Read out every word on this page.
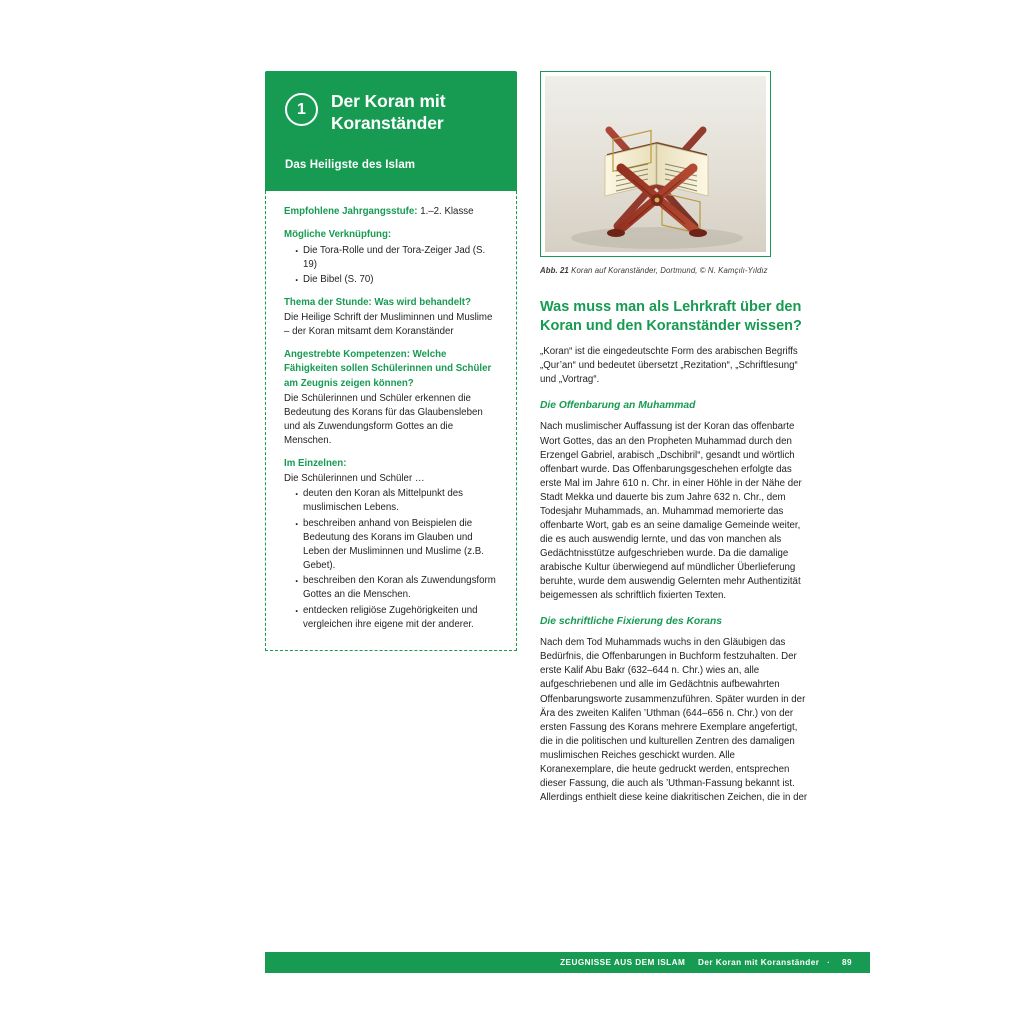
1	Der Koran mit Koranständer
Das Heiligste des Islam
Empfohlene Jahrgangsstufe: 1.–2. Klasse
Mögliche Verknüpfung:
· Die Tora-Rolle und der Tora-Zeiger Jad (S. 19)
· Die Bibel (S. 70)
Thema der Stunde: Was wird behandelt?
Die Heilige Schrift der Musliminnen und Muslime – der Koran mitsamt dem Koranständer
Angestrebte Kompetenzen: Welche Fähigkeiten sollen Schülerinnen und Schüler am Zeugnis zeigen können?
Die Schülerinnen und Schüler erkennen die Bedeutung des Korans für das Glaubensleben und als Zuwendungsform Gottes an die Menschen.
Im Einzelnen:
Die Schülerinnen und Schüler …
· deuten den Koran als Mittelpunkt des muslimischen Lebens.
· beschreiben anhand von Beispielen die Bedeutung des Korans im Glauben und Leben der Musliminnen und Muslime (z.B. Gebet).
· beschreiben den Koran als Zuwendungsform Gottes an die Menschen.
· entdecken religiöse Zugehörigkeiten und vergleichen ihre eigene mit der anderer.
Abb. 21 Koran auf Koranständer, Dortmund, © N. Kamçılı-Yıldız
Was muss man als Lehrkraft über den Koran und den Koranständer wissen?
„Koran“ ist die eingedeutschte Form des arabischen Begriffs „Qur’an“ und bedeutet übersetzt „Rezitation“, „Schriftlesung“ und „Vortrag“.
Die Offenbarung an Muhammad
Nach muslimischer Auffassung ist der Koran das offenbarte Wort Gottes, das an den Propheten Muhammad durch den Erzengel Gabriel, arabisch „Dschibril“, gesandt und wörtlich offenbart wurde. Das Offenbarungsgeschehen erfolgte das erste Mal im Jahre 610 n. Chr. in einer Höhle in der Nähe der Stadt Mekka und dauerte bis zum Jahre 632 n. Chr., dem Todesjahr Muhammads, an. Muhammad memorierte das offenbarte Wort, gab es an seine damalige Gemeinde weiter, die es auch auswendig lernte, und das von manchen als Gedächtnisstütze aufgeschrieben wurde. Da die damalige arabische Kultur überwiegend auf mündlicher Überlieferung beruhte, wurde dem auswendig Gelernten mehr Authentizität beigemessen als schriftlich fixierten Texten.
Die schriftliche Fixierung des Korans
Nach dem Tod Muhammads wuchs in den Gläubigen das Bedürfnis, die Offenbarungen in Buchform festzuhalten. Der erste Kalif Abu Bakr (632–644 n. Chr.) wies an, alle aufgeschriebenen und alle im Gedächtnis aufbewahrten Offenbarungsworte zusammenzuführen. Später wurden in der Ära des zweiten Kalifen ’Uthman (644–656 n. Chr.) von der ersten Fassung des Korans mehrere Exemplare angefertigt, die in die politischen und kulturellen Zentren des damaligen muslimischen Reiches geschickt wurden. Alle Koranexemplare, die heute gedruckt werden, entsprechen dieser Fassung, die auch als ’Uthman-Fassung bekannt ist. Allerdings enthielt diese keine diakritischen Zeichen, die in der
ZEUGNISSE AUS DEM ISLAM Der Koran mit Koranständer · 89
